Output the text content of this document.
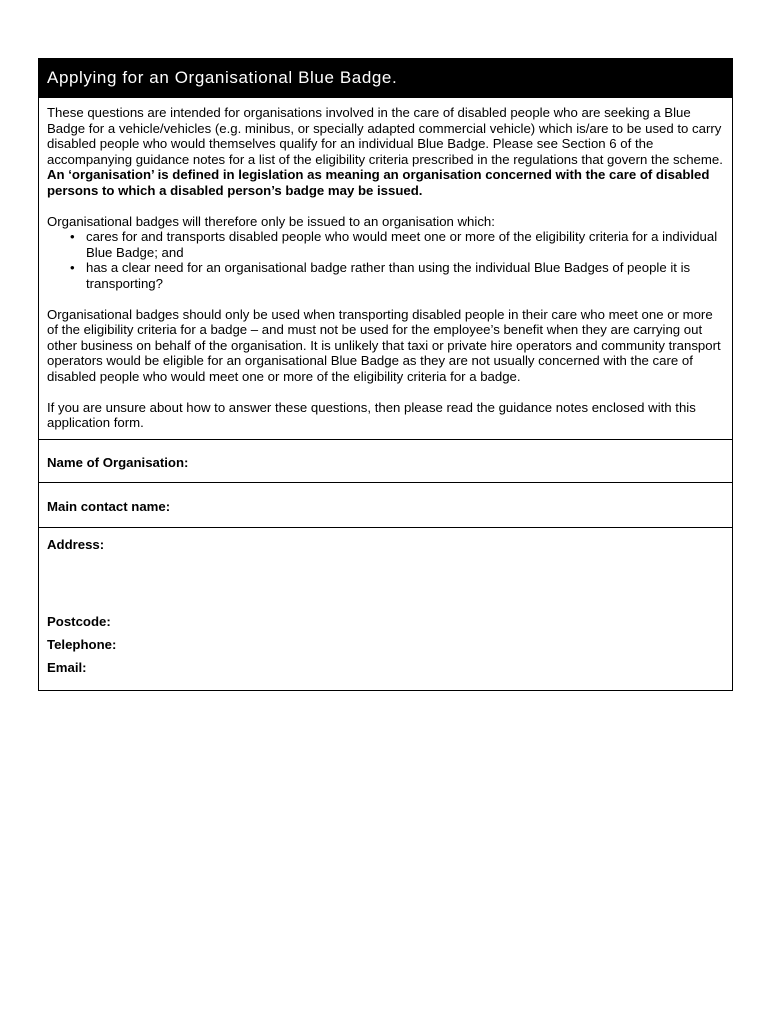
Applying for an Organisational Blue Badge.

These questions are intended for organisations involved in the care of disabled people who are seeking a Blue Badge for a vehicle/vehicles (e.g. minibus, or specially adapted commercial vehicle) which is/are to be used to carry disabled people who would themselves qualify for an individual Blue Badge. Please see Section 6 of the accompanying guidance notes for a list of the eligibility criteria prescribed in the regulations that govern the scheme.

An ‘organisation’ is defined in legislation as meaning an organisation concerned with the care of disabled persons to which a disabled person’s badge may be issued.

Organisational badges will therefore only be issued to an organisation which:

• cares for and transports disabled people who would meet one or more of the eligibility criteria for a individual Blue Badge; and
• has a clear need for an organisational badge rather than using the individual Blue Badges of people it is transporting?

Organisational badges should only be used when transporting disabled people in their care who meet one or more of the eligibility criteria for a badge – and must not be used for the employee’s benefit when they are carrying out other business on behalf of the organisation. It is unlikely that taxi or private hire operators and community transport operators would be eligible for an organisational Blue Badge as they are not usually concerned with the care of disabled people who would meet one or more of the eligibility criteria for a badge.

If you are unsure about how to answer these questions, then please read the guidance notes enclosed with this application form.

Name of Organisation:
Main contact name:
Address:
Postcode:
Telephone:
Email:
